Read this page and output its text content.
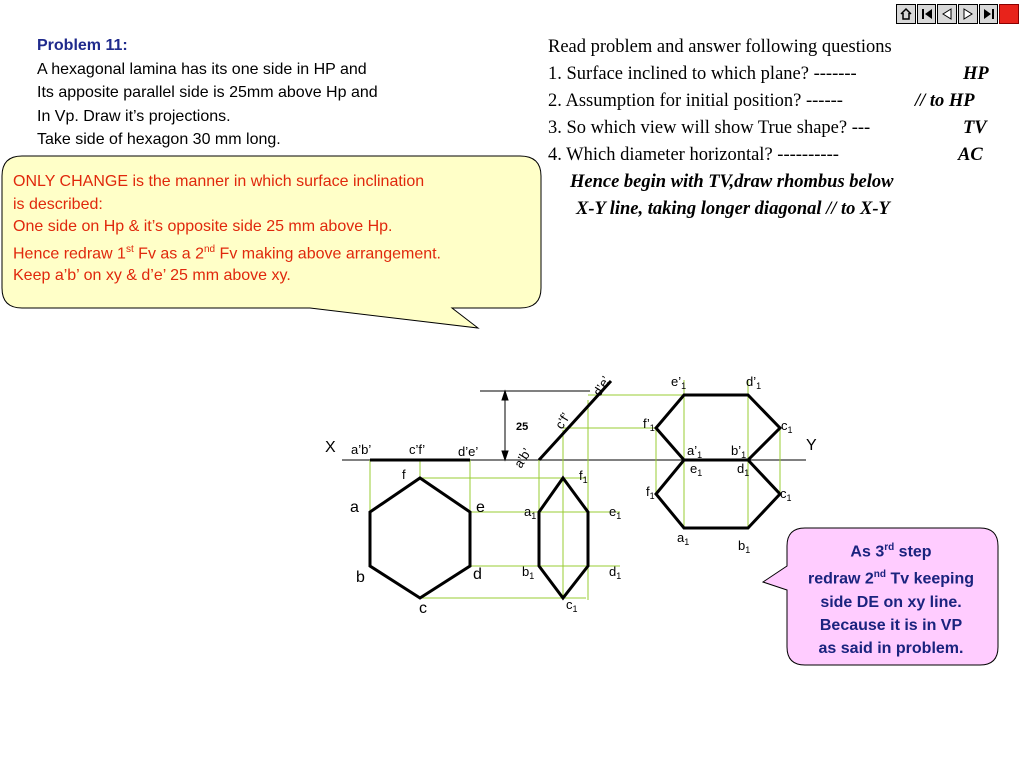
X	Y
25
a’b’	c’f’	d’e’
f
a	e
b	d
c
a’b’
c’f’
d’e’
$f_1$
$a_1$	$e_1$
$b_1$	$d_1$
$c_1$
$e’_1$	$d’_1$
$f’_1$	$c_1$
$a’_1$ $b’_1$
$e_1$	$d_1$
$f_1$	$c_1$
$a_1$	$b_1$
Problem 11:
A hexagonal lamina has its one side in HP and
Its apposite parallel side is 25mm above Hp and
In Vp. Draw it’s projections.
Take side of hexagon 30 mm long.
Read problem and answer following questions
1. Surface inclined to which plane? -------	HP
2. Assumption for initial position? ------	// to HP
3. So which view will show True shape? ---	TV
4. Which diameter horizontal? ----------	AC
Hence begin with TV,draw rhombus below
X-Y line, taking longer diagonal // to X-Y
ONLY CHANGE is the manner in which surface inclination
is described:
One side on Hp & it’s opposite side 25 mm above Hp.
Hence redraw 1st Fv as a 2nd Fv making above arrangement.
Keep a’b’ on xy & d’e’ 25 mm above xy.
As 3rd step
redraw 2nd Tv keeping
side DE on xy line.
Because it is in VP
as said in problem.
